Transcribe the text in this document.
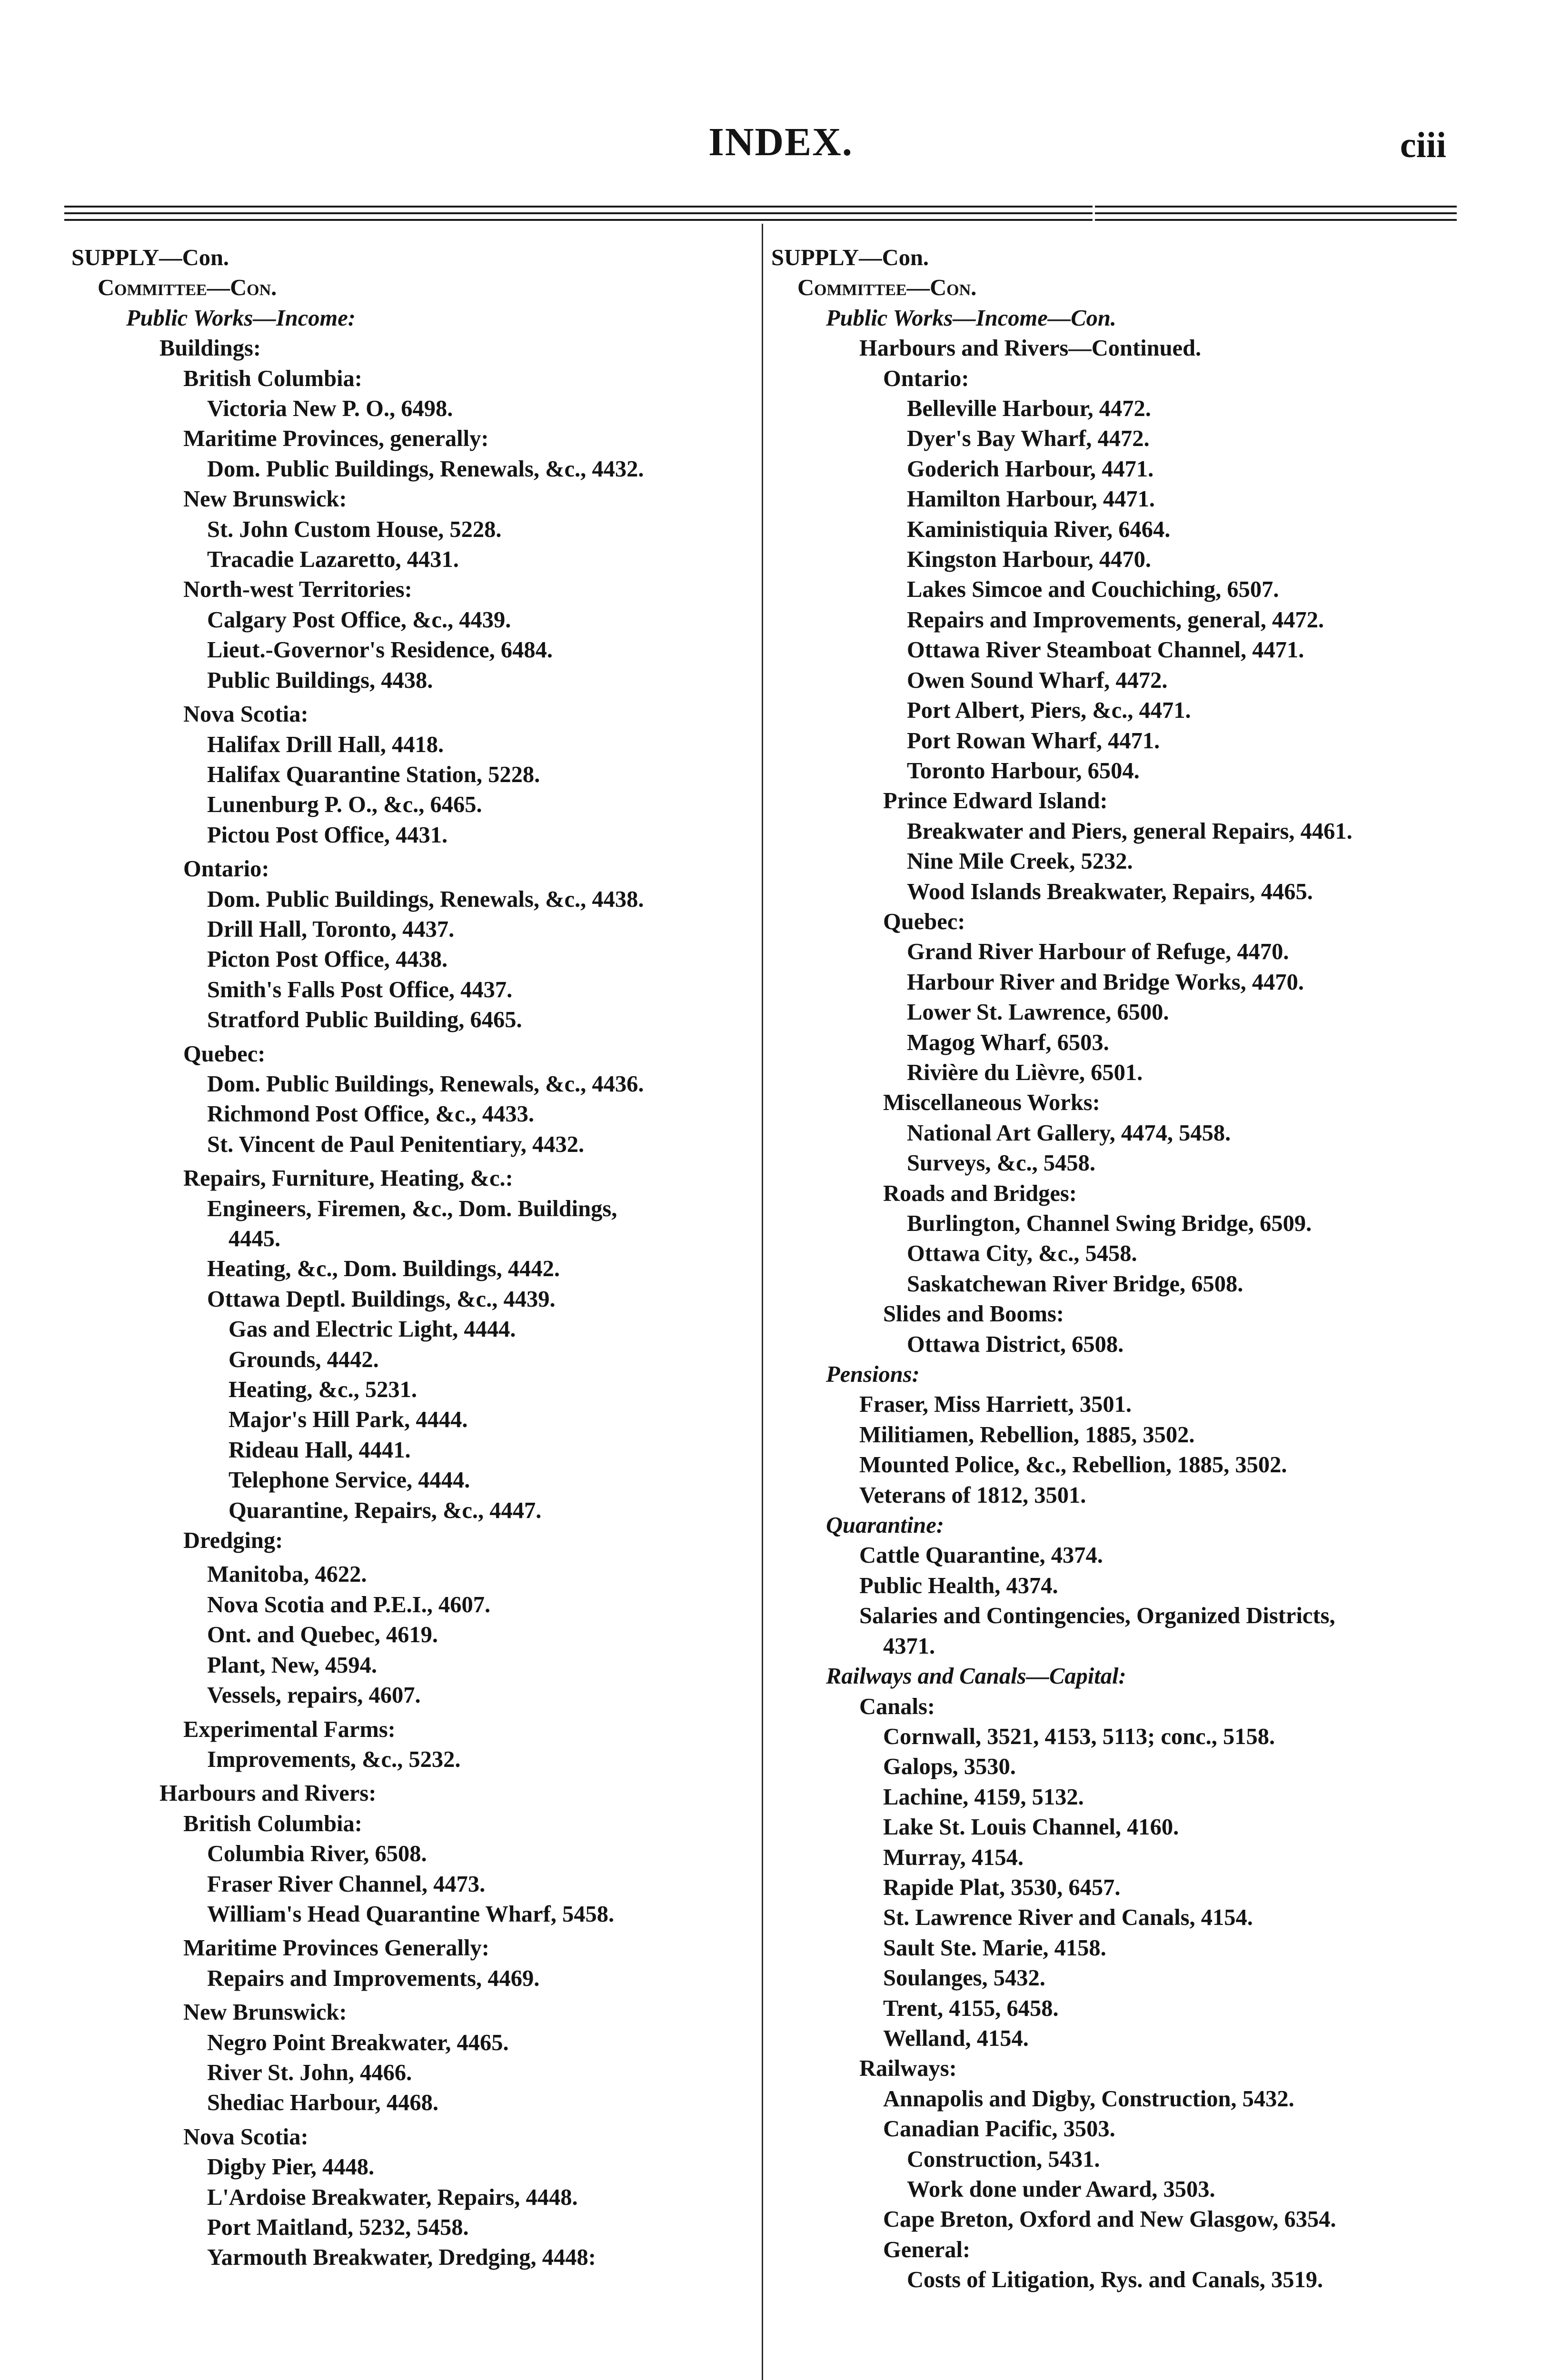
INDEX.	ciii
SUPPLY—Con.
Committee—Con.
Public Works—Income:
Buildings:
British Columbia:
Victoria New P. O., 6498.
Maritime Provinces, generally:
Dom. Public Buildings, Renewals, &c., 4432.
New Brunswick:
St. John Custom House, 5228.
Tracadie Lazaretto, 4431.
North-west Territories:
Calgary Post Office, &c., 4439.
Lieut.-Governor's Residence, 6484.
Public Buildings, 4438.
Nova Scotia:
Halifax Drill Hall, 4418.
Halifax Quarantine Station, 5228.
Lunenburg P. O., &c., 6465.
Pictou Post Office, 4431.
Ontario:
Dom. Public Buildings, Renewals, &c., 4438.
Drill Hall, Toronto, 4437.
Picton Post Office, 4438.
Smith's Falls Post Office, 4437.
Stratford Public Building, 6465.
Quebec:
Dom. Public Buildings, Renewals, &c., 4436.
Richmond Post Office, &c., 4433.
St. Vincent de Paul Penitentiary, 4432.
Repairs, Furniture, Heating, &c.:
Engineers, Firemen, &c., Dom. Buildings,
4445.
Heating, &c., Dom. Buildings, 4442.
Ottawa Deptl. Buildings, &c., 4439.
Gas and Electric Light, 4444.
Grounds, 4442.
Heating, &c., 5231.
Major's Hill Park, 4444.
Rideau Hall, 4441.
Telephone Service, 4444.
Quarantine, Repairs, &c., 4447.
Dredging:
Manitoba, 4622.
Nova Scotia and P.E.I., 4607.
Ont. and Quebec, 4619.
Plant, New, 4594.
Vessels, repairs, 4607.
Experimental Farms:
Improvements, &c., 5232.
Harbours and Rivers:
British Columbia:
Columbia River, 6508.
Fraser River Channel, 4473.
William's Head Quarantine Wharf, 5458.
Maritime Provinces Generally:
Repairs and Improvements, 4469.
New Brunswick:
Negro Point Breakwater, 4465.
River St. John, 4466.
Shediac Harbour, 4468.
Nova Scotia:
Digby Pier, 4448.
L'Ardoise Breakwater, Repairs, 4448.
Port Maitland, 5232, 5458.
Yarmouth Breakwater, Dredging, 4448:
SUPPLY—Con.
Committee—Con.
Public Works—Income—Con.
Harbours and Rivers—Continued.
Ontario:
Belleville Harbour, 4472.
Dyer's Bay Wharf, 4472.
Goderich Harbour, 4471.
Hamilton Harbour, 4471.
Kaministiquia River, 6464.
Kingston Harbour, 4470.
Lakes Simcoe and Couchiching, 6507.
Repairs and Improvements, general, 4472.
Ottawa River Steamboat Channel, 4471.
Owen Sound Wharf, 4472.
Port Albert, Piers, &c., 4471.
Port Rowan Wharf, 4471.
Toronto Harbour, 6504.
Prince Edward Island:
Breakwater and Piers, general Repairs, 4461.
Nine Mile Creek, 5232.
Wood Islands Breakwater, Repairs, 4465.
Quebec:
Grand River Harbour of Refuge, 4470.
Harbour River and Bridge Works, 4470.
Lower St. Lawrence, 6500.
Magog Wharf, 6503.
Rivière du Lièvre, 6501.
Miscellaneous Works:
National Art Gallery, 4474, 5458.
Surveys, &c., 5458.
Roads and Bridges:
Burlington, Channel Swing Bridge, 6509.
Ottawa City, &c., 5458.
Saskatchewan River Bridge, 6508.
Slides and Booms:
Ottawa District, 6508.
Pensions:
Fraser, Miss Harriett, 3501.
Militiamen, Rebellion, 1885, 3502.
Mounted Police, &c., Rebellion, 1885, 3502.
Veterans of 1812, 3501.
Quarantine:
Cattle Quarantine, 4374.
Public Health, 4374.
Salaries and Contingencies, Organized Districts,
4371.
Railways and Canals—Capital:
Canals:
Cornwall, 3521, 4153, 5113; conc., 5158.
Galops, 3530.
Lachine, 4159, 5132.
Lake St. Louis Channel, 4160.
Murray, 4154.
Rapide Plat, 3530, 6457.
St. Lawrence River and Canals, 4154.
Sault Ste. Marie, 4158.
Soulanges, 5432.
Trent, 4155, 6458.
Welland, 4154.
Railways:
Annapolis and Digby, Construction, 5432.
Canadian Pacific, 3503.
Construction, 5431.
Work done under Award, 3503.
Cape Breton, Oxford and New Glasgow, 6354.
General:
Costs of Litigation, Rys. and Canals, 3519.
